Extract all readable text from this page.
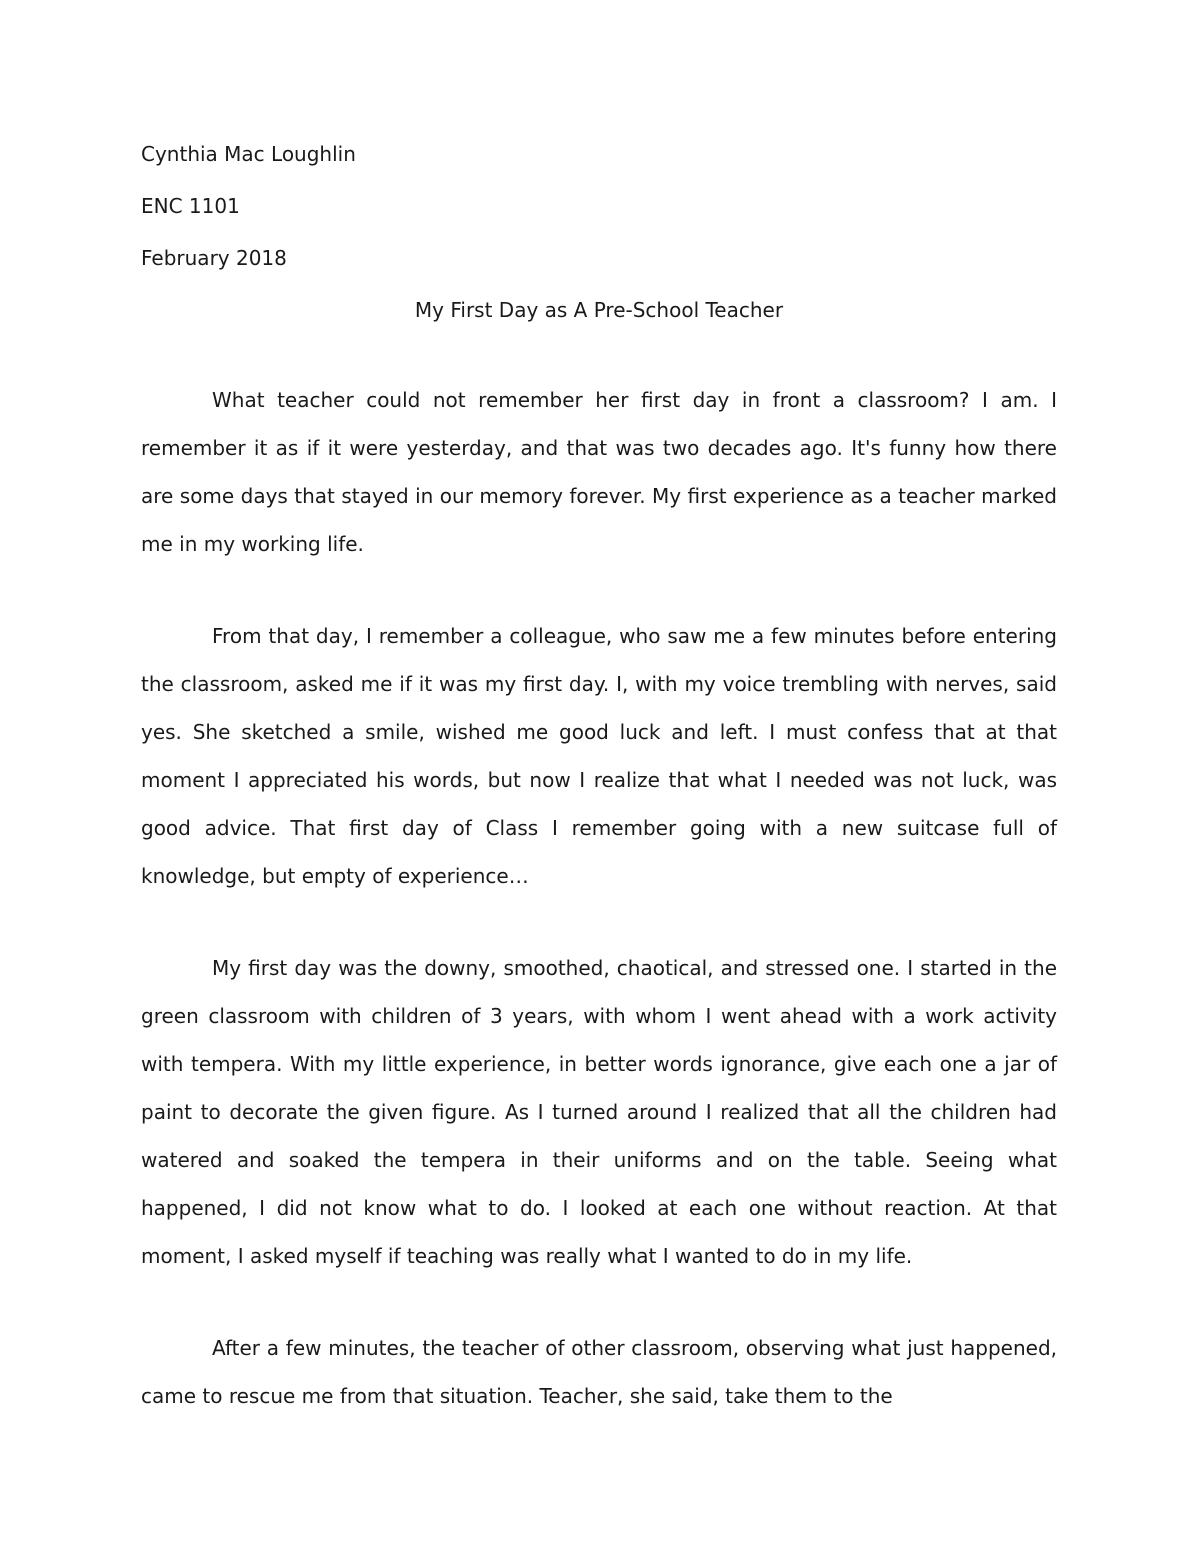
Cynthia Mac Loughlin

ENC 1101

February 2018

My First Day as A Pre-School Teacher

What teacher could not remember her first day in front a classroom? I am. I remember it as if it were yesterday, and that was two decades ago. It's funny how there are some days that stayed in our memory forever. My first experience as a teacher marked me in my working life.

From that day, I remember a colleague, who saw me a few minutes before entering the classroom, asked me if it was my first day. I, with my voice trembling with nerves, said yes. She sketched a smile, wished me good luck and left. I must confess that at that moment I appreciated his words, but now I realize that what I needed was not luck, was good advice. That first day of Class I remember going with a new suitcase full of knowledge, but empty of experience…

My first day was the downy, smoothed, chaotical, and stressed one. I started in the green classroom with children of 3 years, with whom I went ahead with a work activity with tempera. With my little experience, in better words ignorance, give each one a jar of paint to decorate the given figure. As I turned around I realized that all the children had watered and soaked the tempera in their uniforms and on the table. Seeing what happened, I did not know what to do. I looked at each one without reaction. At that moment, I asked myself if teaching was really what I wanted to do in my life.

After a few minutes, the teacher of other classroom, observing what just happened, came to rescue me from that situation. Teacher, she said, take them to the
